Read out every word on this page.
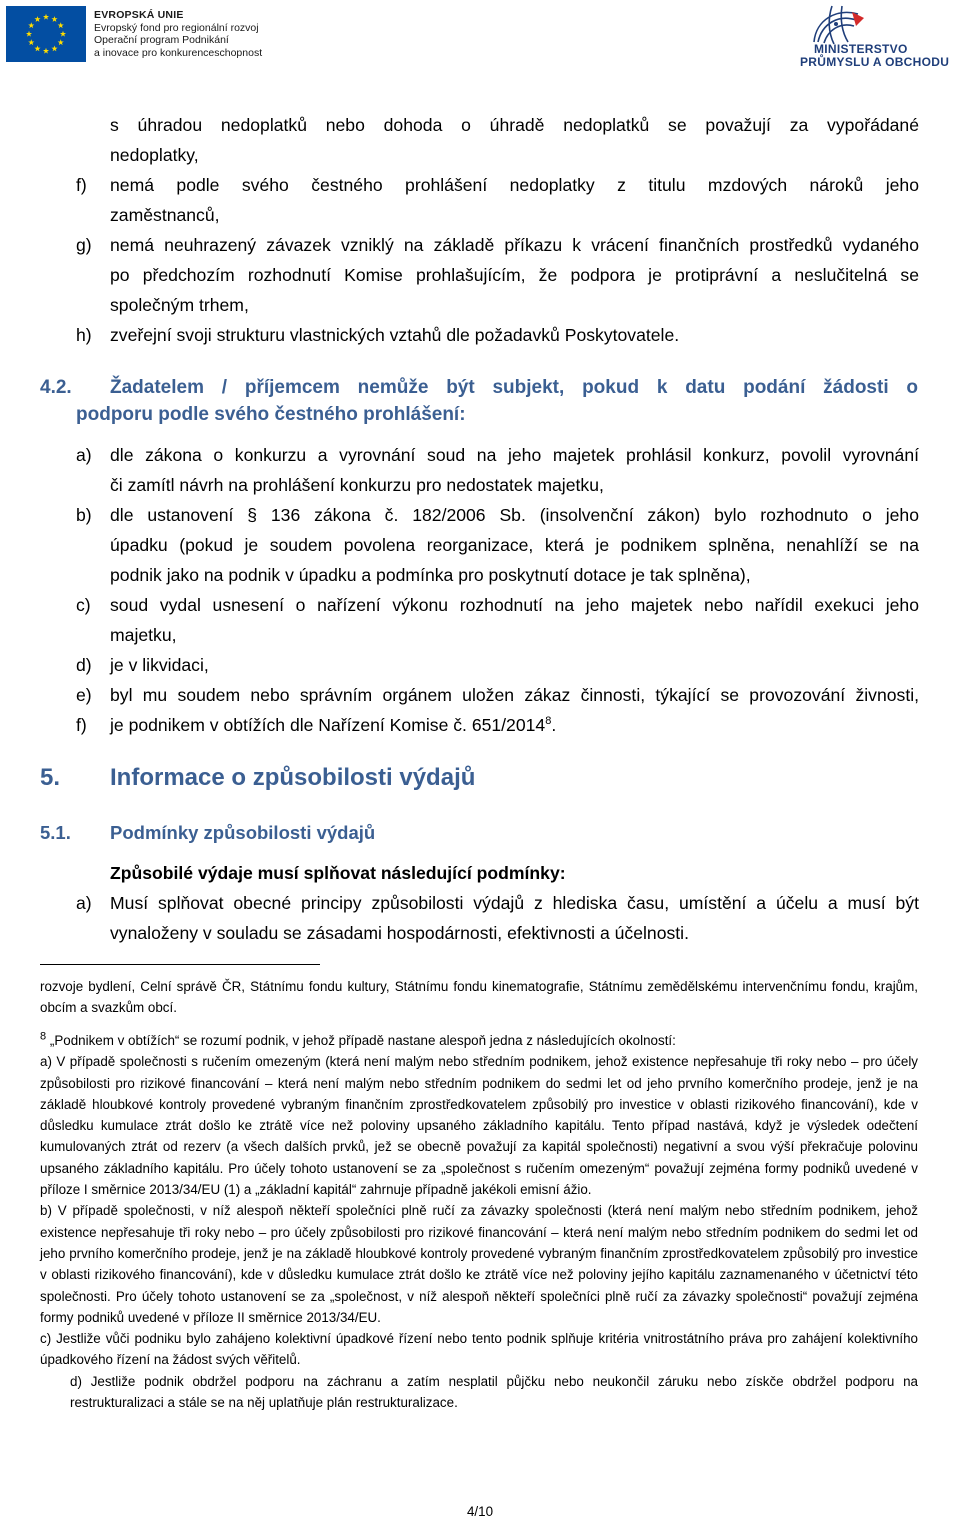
EVROPSKÁ UNIE
Evropský fond pro regionální rozvoj
Operační program Podnikání
a inovace pro konkurenceschopnost	MINISTERSTVO
PRŮMYSLU A OBCHODU
s úhradou nedoplatků nebo dohoda o úhradě nedoplatků se považují za vypořádané
nedoplatky,
f) nemá podle svého čestného prohlášení nedoplatky z titulu mzdových nároků jeho
zaměstnanců,
g) nemá neuhrazený závazek vzniklý na základě příkazu k vrácení finančních prostředků vydaného
po předchozím rozhodnutí Komise prohlašujícím, že podpora je protiprávní a neslučitelná se
společným trhem,
h) zveřejní svoji strukturu vlastnických vztahů dle požadavků Poskytovatele.
4.2. Žadatelem / příjemcem nemůže být subjekt, pokud k datu podání žádosti o
podporu podle svého čestného prohlášení:
a) dle zákona o konkurzu a vyrovnání soud na jeho majetek prohlásil konkurz, povolil vyrovnání
či zamítl návrh na prohlášení konkurzu pro nedostatek majetku,
b) dle ustanovení § 136 zákona č. 182/2006 Sb. (insolvenční zákon) bylo rozhodnuto o jeho
úpadku (pokud je soudem povolena reorganizace, která je podnikem splněna, nenahlíží se na
podnik jako na podnik v úpadku a podmínka pro poskytnutí dotace je tak splněna),
c) soud vydal usnesení o nařízení výkonu rozhodnutí na jeho majetek nebo nařídil exekuci jeho
majetku,
d) je v likvidaci,
e) byl mu soudem nebo správním orgánem uložen zákaz činnosti, týkající se provozování živnosti,
f) je podnikem v obtížích dle Nařízení Komise č. 651/2014$^8$.
5. Informace o způsobilosti výdajů
5.1. Podmínky způsobilosti výdajů
Způsobilé výdaje musí splňovat následující podmínky:
a) Musí splňovat obecné principy způsobilosti výdajů z hlediska času, umístění a účelu a musí být
vynaloženy v souladu se zásadami hospodárnosti, efektivnosti a účelnosti.

rozvoje bydlení, Celní správě ČR, Státnímu fondu kultury, Státnímu fondu kinematografie, Státnímu zemědělskému intervenčnímu fondu, krajům, obcím a svazkům obcí.

$^8$ „Podnikem v obtížích“ se rozumí podnik, v jehož případě nastane alespoň jedna z následujících okolností:

a) V případě společnosti s ručením omezeným (která není malým nebo středním podnikem, jehož existence nepřesahuje tři roky nebo – pro účely způsobilosti pro rizikové financování – která není malým nebo středním podnikem do sedmi let od jeho prvního komerčního prodeje, jenž je na základě hloubkové kontroly provedené vybraným finančním zprostředkovatelem způsobilý pro investice v oblasti rizikového financování), kde v důsledku kumulace ztrát došlo ke ztrátě více než poloviny upsaného základního kapitálu. Tento případ nastává, když je výsledek odečtení kumulovaných ztrát od rezerv (a všech dalších prvků, jež se obecně považují za kapitál společnosti) negativní a svou výší překračuje polovinu upsaného základního kapitálu. Pro účely tohoto ustanovení se za „společnost s ručením omezeným“ považují zejména formy podniků uvedené v příloze I směrnice 2013/34/EU (1) a „základní kapitál“ zahrnuje případně jakékoli emisní ážio.

b) V případě společnosti, v níž alespoň někteří společníci plně ručí za závazky společnosti (která není malým nebo středním podnikem, jehož existence nepřesahuje tři roky nebo – pro účely způsobilosti pro rizikové financování – která není malým nebo středním podnikem do sedmi let od jeho prvního komerčního prodeje, jenž je na základě hloubkové kontroly provedené vybraným finančním zprostředkovatelem způsobilý pro investice v oblasti rizikového financování), kde v důsledku kumulace ztrát došlo ke ztrátě více než poloviny jejího kapitálu zaznamenaného v účetnictví této společnosti. Pro účely tohoto ustanovení se za „společnost, v níž alespoň někteří společníci plně ručí za závazky společnosti“ považují zejména formy podniků uvedené v příloze II směrnice 2013/34/EU.

c) Jestliže vůči podniku bylo zahájeno kolektivní úpadkové řízení nebo tento podnik splňuje kritéria vnitrostátního práva pro zahájení kolektivního úpadkového řízení na žádost svých věřitelů.

d) Jestliže podnik obdržel podporu na záchranu a zatím nesplatil půjčku nebo neukončil záruku nebo získče obdržel podporu na restrukturalizaci a stále se na něj uplatňuje plán restrukturalizace.

4/10
